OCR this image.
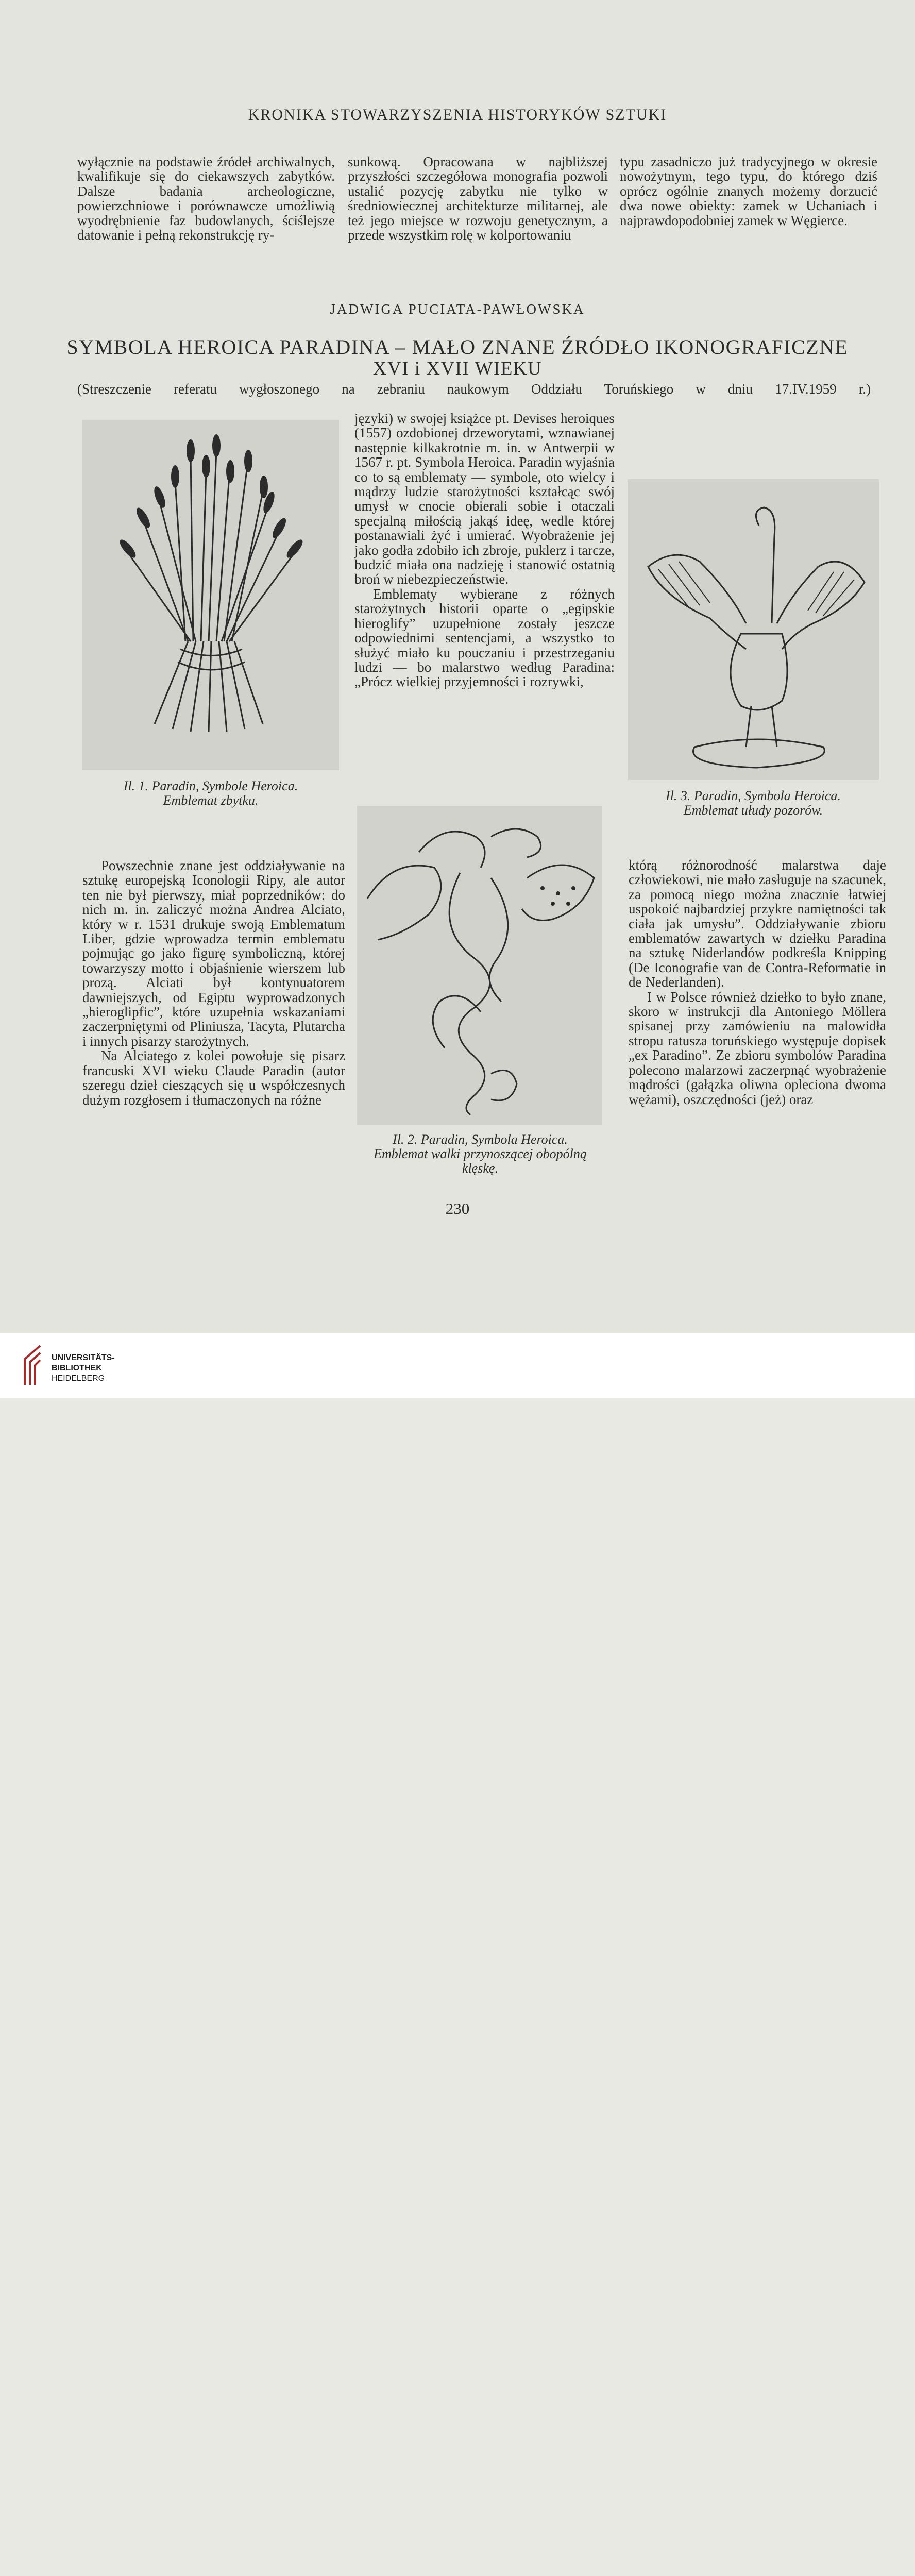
KRONIKA STOWARZYSZENIA HISTORYKÓW SZTUKI

wyłącznie na podstawie źródeł archiwalnych, kwalifikuje się do ciekawszych zabytków. Dalsze badania archeologiczne, powierzchniowe i porównawcze umożliwią wyodrębnienie faz budowlanych, ściślejsze datowanie i pełną rekonstrukcję ry-

sunkową. Opracowana w najbliższej przyszłości szczegółowa monografia pozwoli ustalić pozycję zabytku nie tylko w średniowiecznej architekturze militarnej, ale też jego miejsce w rozwoju genetycznym, a przede wszystkim rolę w kolportowaniu

typu zasadniczo już tradycyjnego w okresie nowożytnym, tego typu, do którego dziś oprócz ogólnie znanych możemy dorzucić dwa nowe obiekty: zamek w Uchaniach i najprawdopodobniej zamek w Węgierce.

JADWIGA PUCIATA-PAWŁOWSKA
SYMBOLA HEROICA PARADINA – MAŁO ZNANE ŹRÓDŁO IKONOGRAFICZNE
XVI i XVII WIEKU
(Streszczenie referatu wygłoszonego na zebraniu naukowym Oddziału Toruńskiego w dniu 17.IV.1959 r.)
Il. 1. Paradin, Symbole Heroica.
Emblemat zbytku.

języki) w swojej książce pt. Devises heroiques (1557) ozdobionej drzeworytami, wznawianej następnie kilkakrotnie m. in. w Antwerpii w 1567 r. pt. Symbola Heroica. Paradin wyjaśnia co to są emblematy — symbole, oto wielcy i mądrzy ludzie starożytności kształcąc swój umysł w cnocie obierali sobie i otaczali specjalną miłością jakąś ideę, wedle której postanawiali żyć i umierać. Wyobrażenie jej jako godła zdobiło ich zbroje, puklerz i tarcze, budzić miała ona nadzieję i stanowić ostatnią broń w niebezpieczeństwie.

Emblematy wybierane z różnych starożytnych historii oparte o „egipskie hieroglify” uzupełnione zostały jeszcze odpowiednimi sentencjami, a wszystko to służyć miało ku pouczaniu i przestrzeganiu ludzi — bo malarstwo według Paradina: „Prócz wielkiej przyjemności i rozrywki,

Il. 3. Paradin, Symbola Heroica.
Emblemat ułudy pozorów.
Il. 2. Paradin, Symbola Heroica.
Emblemat walki przynoszącej obopólną klęskę.

Powszechnie znane jest oddziaływanie na sztukę europejską Iconologii Ripy, ale autor ten nie był pierwszy, miał poprzedników: do nich m. in. zaliczyć można Andrea Alciato, który w r. 1531 drukuje swoją Emblematum Liber, gdzie wprowadza termin emblematu pojmując go jako figurę symboliczną, której towarzyszy motto i objaśnienie wierszem lub prozą. Alciati był kontynuatorem dawniejszych, od Egiptu wyprowadzonych „hieroglipfic”, które uzupełnia wskazaniami zaczerpniętymi od Pliniusza, Tacyta, Plutarcha i innych pisarzy starożytnych.

Na Alciatego z kolei powołuje się pisarz francuski XVI wieku Claude Paradin (autor szeregu dzieł cieszących się u współczesnych dużym rozgłosem i tłumaczonych na różne

którą różnorodność malarstwa daje człowiekowi, nie mało zasługuje na szacunek, za pomocą niego można znacznie łatwiej uspokoić najbardziej przykre namiętności tak ciała jak umysłu”. Oddziaływanie zbioru emblematów zawartych w dziełku Paradina na sztukę Niderlandów podkreśla Knipping (De Iconografie van de Contra-Reformatie in de Nederlanden).

I w Polsce również dziełko to było znane, skoro w instrukcji dla Antoniego Möllera spisanej przy zamówieniu na malowidła stropu ratusza toruńskiego występuje dopisek „ex Paradino”. Ze zbioru symbolów Paradina polecono malarzowi zaczerpnąć wyobrażenie mądrości (gałązka oliwna opleciona dwoma wężami), oszczędności (jeż) oraz

230
UNIVERSITÄTS-
BIBLIOTHEK
HEIDELBERG
